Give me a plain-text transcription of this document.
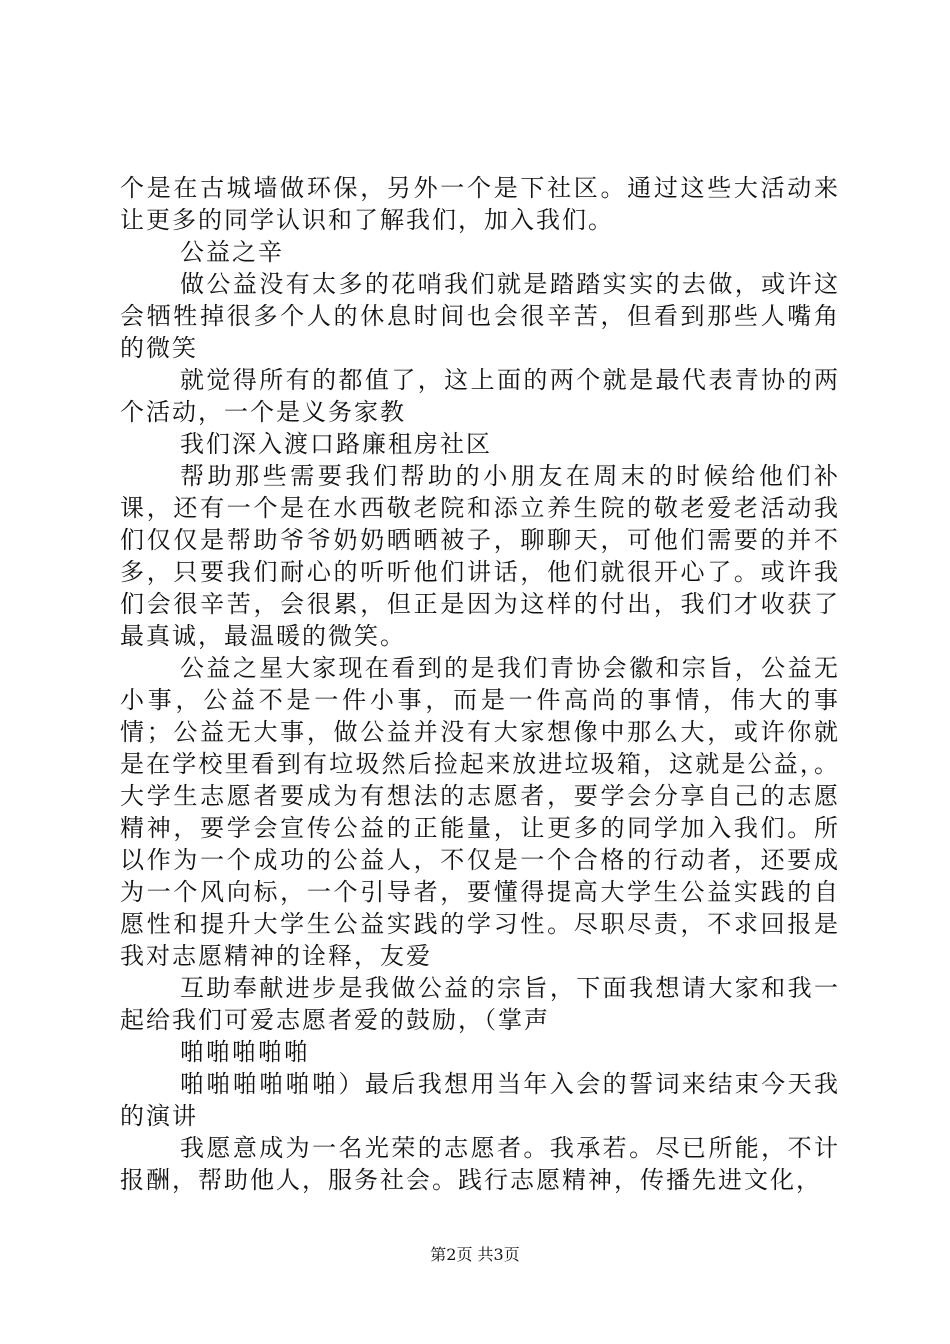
个是在古城墙做环保，另外一个是下社区。通过这些大活动来让更多的同学认识和了解我们，加入我们。

公益之辛

做公益没有太多的花哨我们就是踏踏实实的去做，或许这会牺牲掉很多个人的休息时间也会很辛苦，但看到那些人嘴角的微笑

就觉得所有的都值了，这上面的两个就是最代表青协的两个活动，一个是义务家教

我们深入渡口路廉租房社区

帮助那些需要我们帮助的小朋友在周末的时候给他们补课，还有一个是在水西敬老院和添立养生院的敬老爱老活动我们仅仅是帮助爷爷奶奶晒晒被子，聊聊天，可他们需要的并不多，只要我们耐心的听听他们讲话，他们就很开心了。或许我们会很辛苦，会很累，但正是因为这样的付出，我们才收获了最真诚，最温暖的微笑。

公益之星大家现在看到的是我们青协会徽和宗旨，公益无小事，公益不是一件小事，而是一件高尚的事情，伟大的事情；公益无大事，做公益并没有大家想像中那么大，或许你就是在学校里看到有垃圾然后捡起来放进垃圾箱，这就是公益，。大学生志愿者要成为有想法的志愿者，要学会分享自己的志愿精神，要学会宣传公益的正能量，让更多的同学加入我们。所以作为一个成功的公益人，不仅是一个合格的行动者，还要成为一个风向标，一个引导者，要懂得提高大学生公益实践的自愿性和提升大学生公益实践的学习性。尽职尽责，不求回报是我对志愿精神的诠释，友爱

互助奉献进步是我做公益的宗旨，下面我想请大家和我一起给我们可爱志愿者爱的鼓励，（掌声

啪啪啪啪啪

啪啪啪啪啪啪）最后我想用当年入会的誓词来结束今天我的演讲

我愿意成为一名光荣的志愿者。我承若。尽已所能，不计报酬，帮助他人，服务社会。践行志愿精神，传播先进文化，

第2页 共3页
